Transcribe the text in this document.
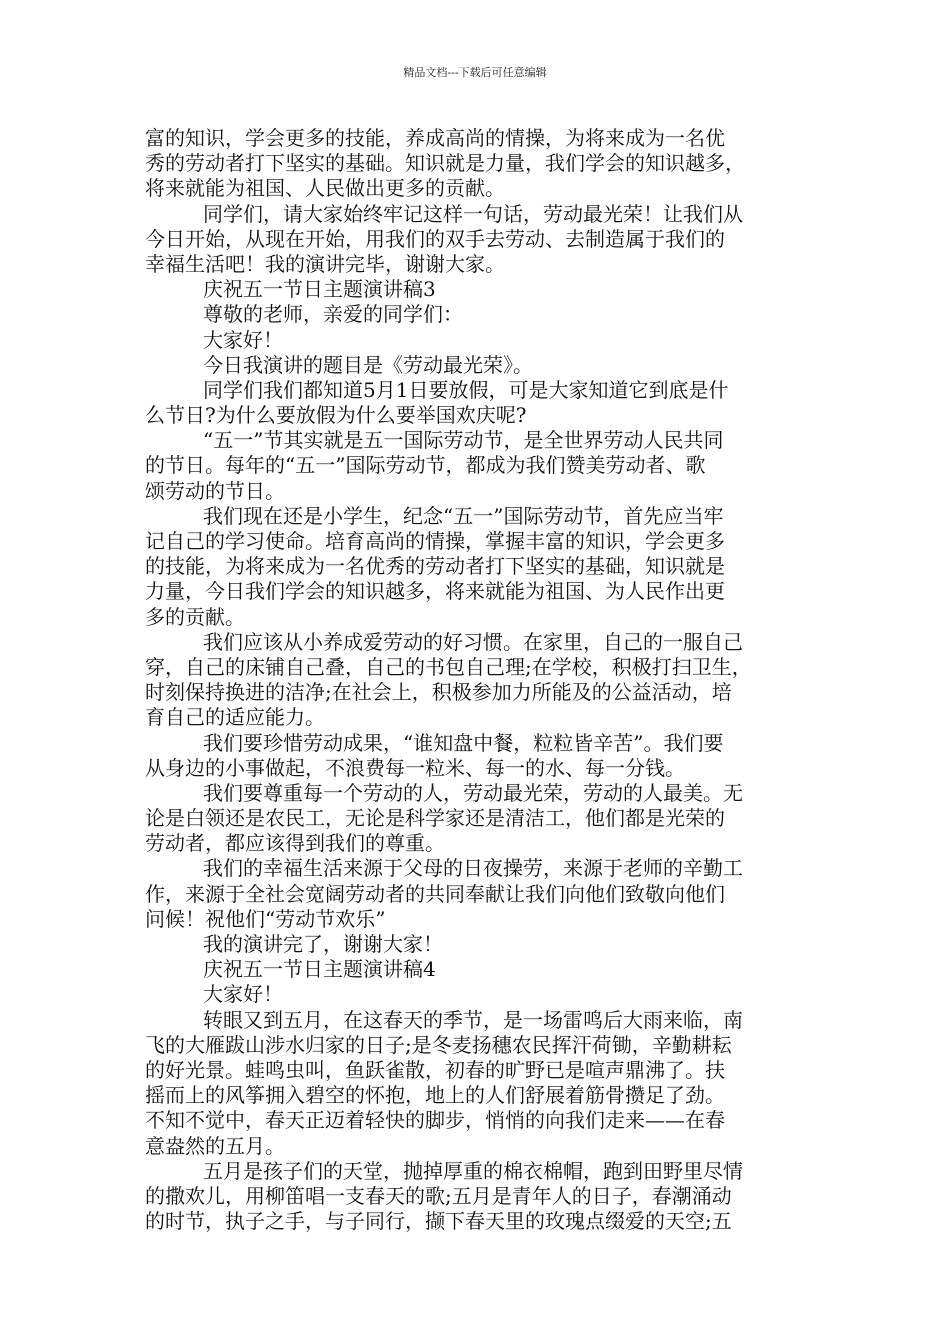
精品文档---下载后可任意编辑
富的知识，学会更多的技能，养成高尚的情操，为将来成为一名优
秀的劳动者打下坚实的基础。知识就是力量，我们学会的知识越多，
将来就能为祖国、人民做出更多的贡献。
同学们，请大家始终牢记这样一句话，劳动最光荣！让我们从
今日开始，从现在开始，用我们的双手去劳动、去制造属于我们的
幸福生活吧！我的演讲完毕，谢谢大家。
庆祝五一节日主题演讲稿3
尊敬的老师，亲爱的同学们：
大家好！
今日我演讲的题目是《劳动最光荣》。
同学们我们都知道5月1日要放假，可是大家知道它到底是什
么节日?为什么要放假为什么要举国欢庆呢?
“五一”节其实就是五一国际劳动节，是全世界劳动人民共同
的节日。每年的“五一”国际劳动节，都成为我们赞美劳动者、歌
颂劳动的节日。
我们现在还是小学生，纪念“五一”国际劳动节，首先应当牢
记自己的学习使命。培育高尚的情操，掌握丰富的知识，学会更多
的技能，为将来成为一名优秀的劳动者打下坚实的基础，知识就是
力量，今日我们学会的知识越多，将来就能为祖国、为人民作出更
多的贡献。
我们应该从小养成爱劳动的好习惯。在家里，自己的一服自己
穿，自己的床铺自己叠，自己的书包自己理;在学校，积极打扫卫生，
时刻保持换进的洁净;在社会上，积极参加力所能及的公益活动，培
育自己的适应能力。
我们要珍惜劳动成果，“谁知盘中餐，粒粒皆辛苦”。我们要
从身边的小事做起，不浪费每一粒米、每一的水、每一分钱。
我们要尊重每一个劳动的人，劳动最光荣，劳动的人最美。无
论是白领还是农民工，无论是科学家还是清洁工，他们都是光荣的
劳动者，都应该得到我们的尊重。
我们的幸福生活来源于父母的日夜操劳，来源于老师的辛勤工
作，来源于全社会宽阔劳动者的共同奉献让我们向他们致敬向他们
问候！祝他们“劳动节欢乐”
我的演讲完了，谢谢大家！
庆祝五一节日主题演讲稿4
大家好！
转眼又到五月，在这春天的季节，是一场雷鸣后大雨来临，南
飞的大雁跋山涉水归家的日子;是冬麦扬穗农民挥汗荷锄，辛勤耕耘
的好光景。蛙鸣虫叫，鱼跃雀散，初春的旷野已是喧声鼎沸了。扶
摇而上的风筝拥入碧空的怀抱，地上的人们舒展着筋骨攒足了劲。
不知不觉中，春天正迈着轻快的脚步，悄悄的向我们走来——在春
意盎然的五月。
五月是孩子们的天堂，抛掉厚重的棉衣棉帽，跑到田野里尽情
的撒欢儿，用柳笛唱一支春天的歌;五月是青年人的日子，春潮涌动
的时节，执子之手，与子同行，撷下春天里的玫瑰点缀爱的天空;五
